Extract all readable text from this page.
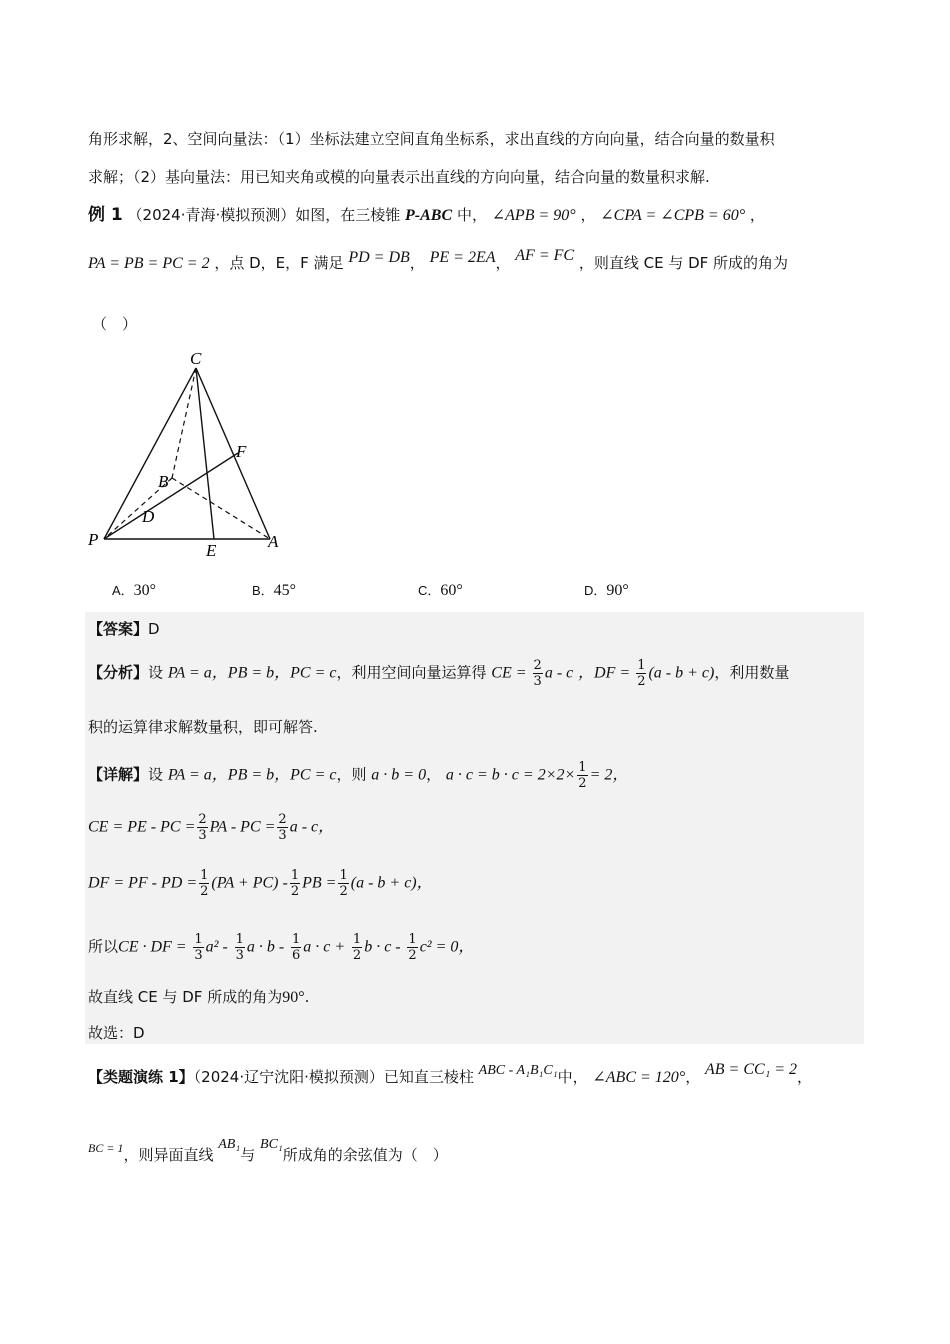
角形求解，2、空间向量法：（1）坐标法建立空间直角坐标系，求出直线的方向向量，结合向量的数量积
求解；（2）基向量法：用已知夹角或模的向量表示出直线的方向向量，结合向量的数量积求解.
例 1 （2024·青海·模拟预测）如图，在三棱锥 P-ABC 中， ∠APB = 90° ， ∠CPA = ∠CPB = 60° ，
PA = PB = PC = 2 ，点 D，E，F 满足 PD = DB， PE = 2EA， AF = FC ，则直线 CE 与 DF 所成的角为
（　）
C
F
B
D
P
E	A
A．30°	B．45°	C．60°	D．90°
【答案】D
【分析】设 PA = a，PB = b，PC = c，利用空间向量运算得 CE = $\frac{2}{3}$ a - c ，DF = $\frac{1}{2} (a - b + c)$，利用数量
积的运算律求解数量积，即可解答.
【详解】设 PA = a，PB = b，PC = c，则 a · b = 0， $a \cdot c = b \cdot c = 2\times 2\times \frac{1}{2} = 2$，
CE = PE - PC = $\frac{2}{3}$ PA - PC = $\frac{2}{3}$ a - c，
DF = PF - PD = $\frac{1}{2} (PA + PC) - \frac{1}{2}$ PB = $\frac{1}{2} (a - b + c)$，
所以CE · DF = $\frac{1}{3} a^2 - \frac{1}{3}$ $a \cdot b - \frac{1}{6}$ $a \cdot c + \frac{1}{2}$ $b \cdot c - \frac{1}{2} c^2 = 0$，
故直线 CE 与 DF 所成的角为90°.
故选：D
【类题演练 1】（2024·辽宁沈阳·模拟预测）已知直三棱柱 ABC - A₁B₁C₁中， ∠ABC = 120°， AB = CC₁ = 2，
$^{BC = 1}$，则异面直线 AB₁与 BC₁所成角的余弦值为（　）
